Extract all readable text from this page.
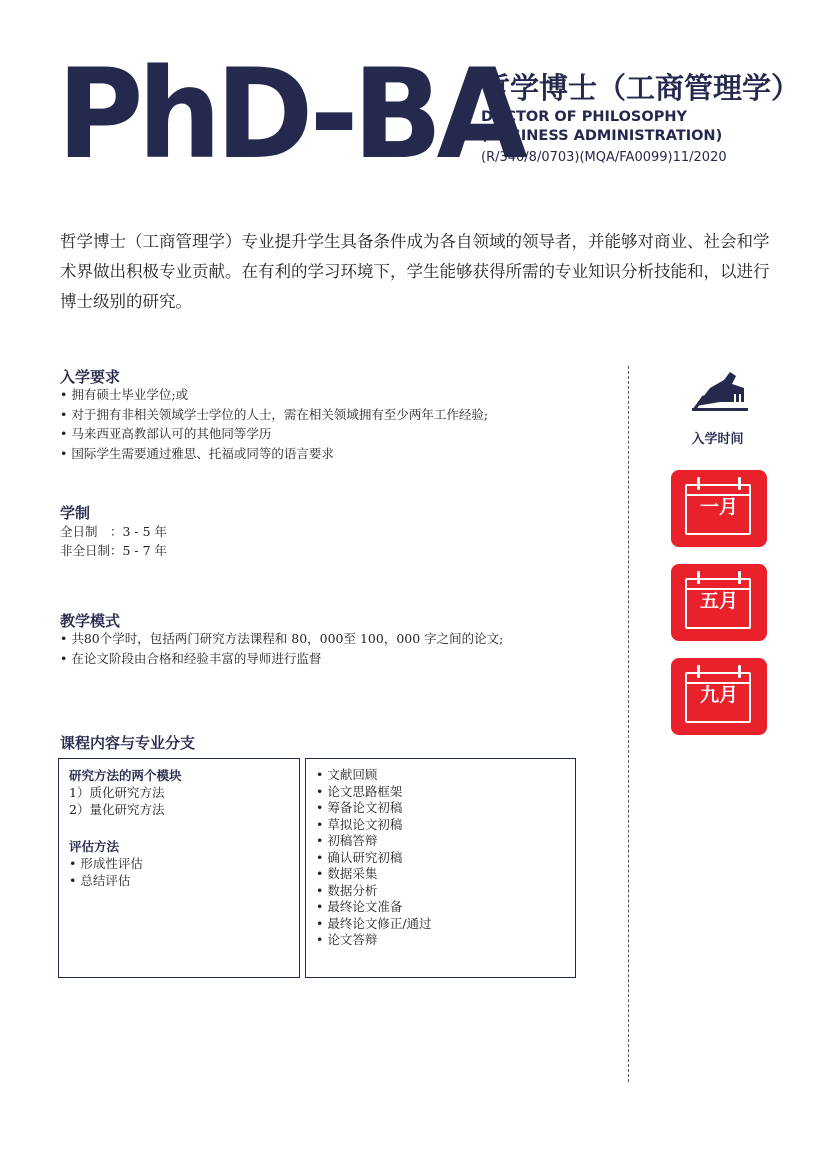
PhD-BA
哲学博士（工商管理学）
DOCTOR OF PHILOSOPHY
(BUSINESS ADMINISTRATION)
(R/340/8/0703)(MQA/FA0099)11/2020
哲学博士（工商管理学）专业提升学生具备条件成为各自领域的领导者，并能够对商业、社会和学术界做出积极专业贡献。在有利的学习环境下，学生能够获得所需的专业知识分析技能和，以进行博士级别的研究。
入学要求
• 拥有硕士毕业学位;或
• 对于拥有非相关领域学士学位的人士，需在相关领域拥有至少两年工作经验;
• 马来西亚高教部认可的其他同等学历
• 国际学生需要通过雅思、托福或同等的语言要求
学制
全日制　：3 - 5 年
非全日制：5 - 7 年
教学模式
• 共80个学时，包括两门研究方法课程和 80，000至 100，000 字之间的论文;
• 在论文阶段由合格和经验丰富的导师进行监督
课程内容与专业分支
研究方法的两个模块
1）质化研究方法
2）量化研究方法
评估方法
• 形成性评估
• 总结评估
• 文献回顾
• 论文思路框架
• 筹备论文初稿
• 草拟论文初稿
• 初稿答辩
• 确认研究初稿
• 数据采集
• 数据分析
• 最终论文准备
• 最终论文修正/通过
• 论文答辩
入学时间
一月
五月
九月
